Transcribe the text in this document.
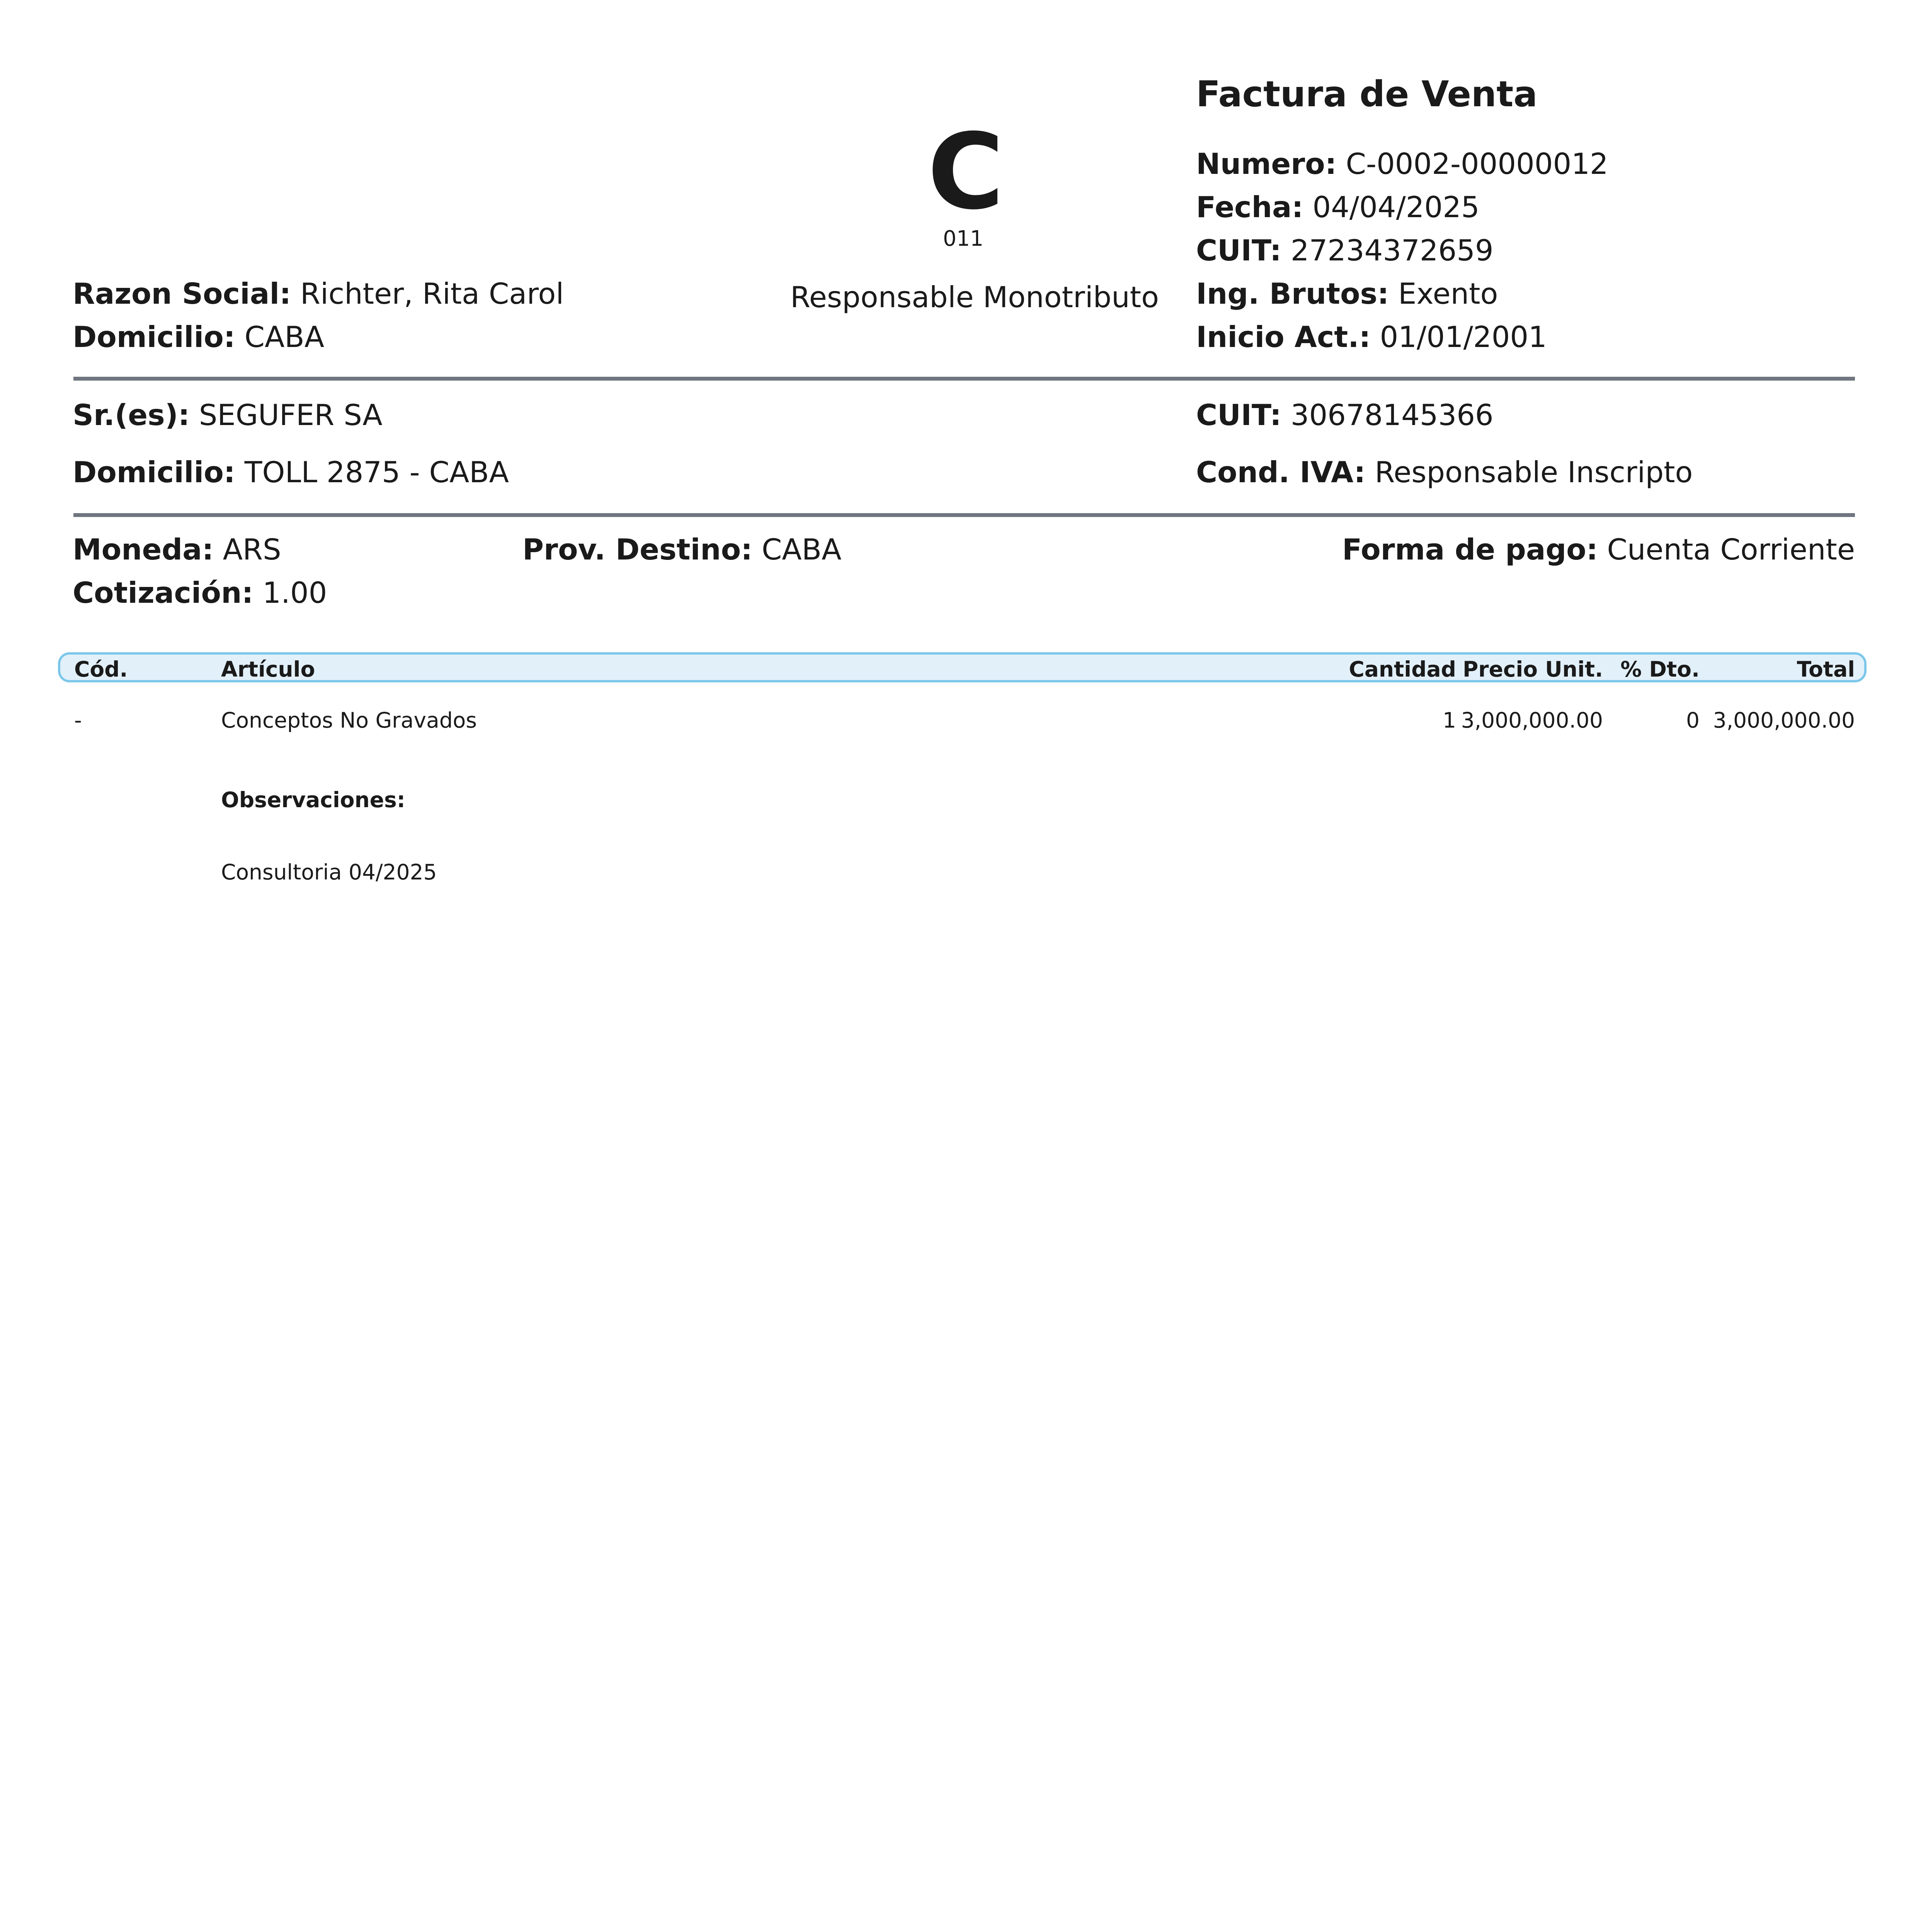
C
011
Factura de Venta
Numero: C-0002-00000012
Fecha: 04/04/2025
CUIT: 27234372659
Ing. Brutos: Exento
Inicio Act.: 01/01/2001
Razon Social: Richter, Rita Carol
Domicilio: CABA
Responsable Monotributo
Sr.(es): SEGUFER SA
Domicilio: TOLL 2875 - CABA
CUIT: 30678145366
Cond. IVA: Responsable Inscripto
Moneda: ARS
Cotización: 1.00
Prov. Destino: CABA	Forma de pago: Cuenta Corriente
Cód.	Artículo	Cantidad Precio Unit. % Dto.	Total
-	Conceptos No Gravados	1 3,000,000.00	0 3,000,000.00
Observaciones:
Consultoria 04/2025
